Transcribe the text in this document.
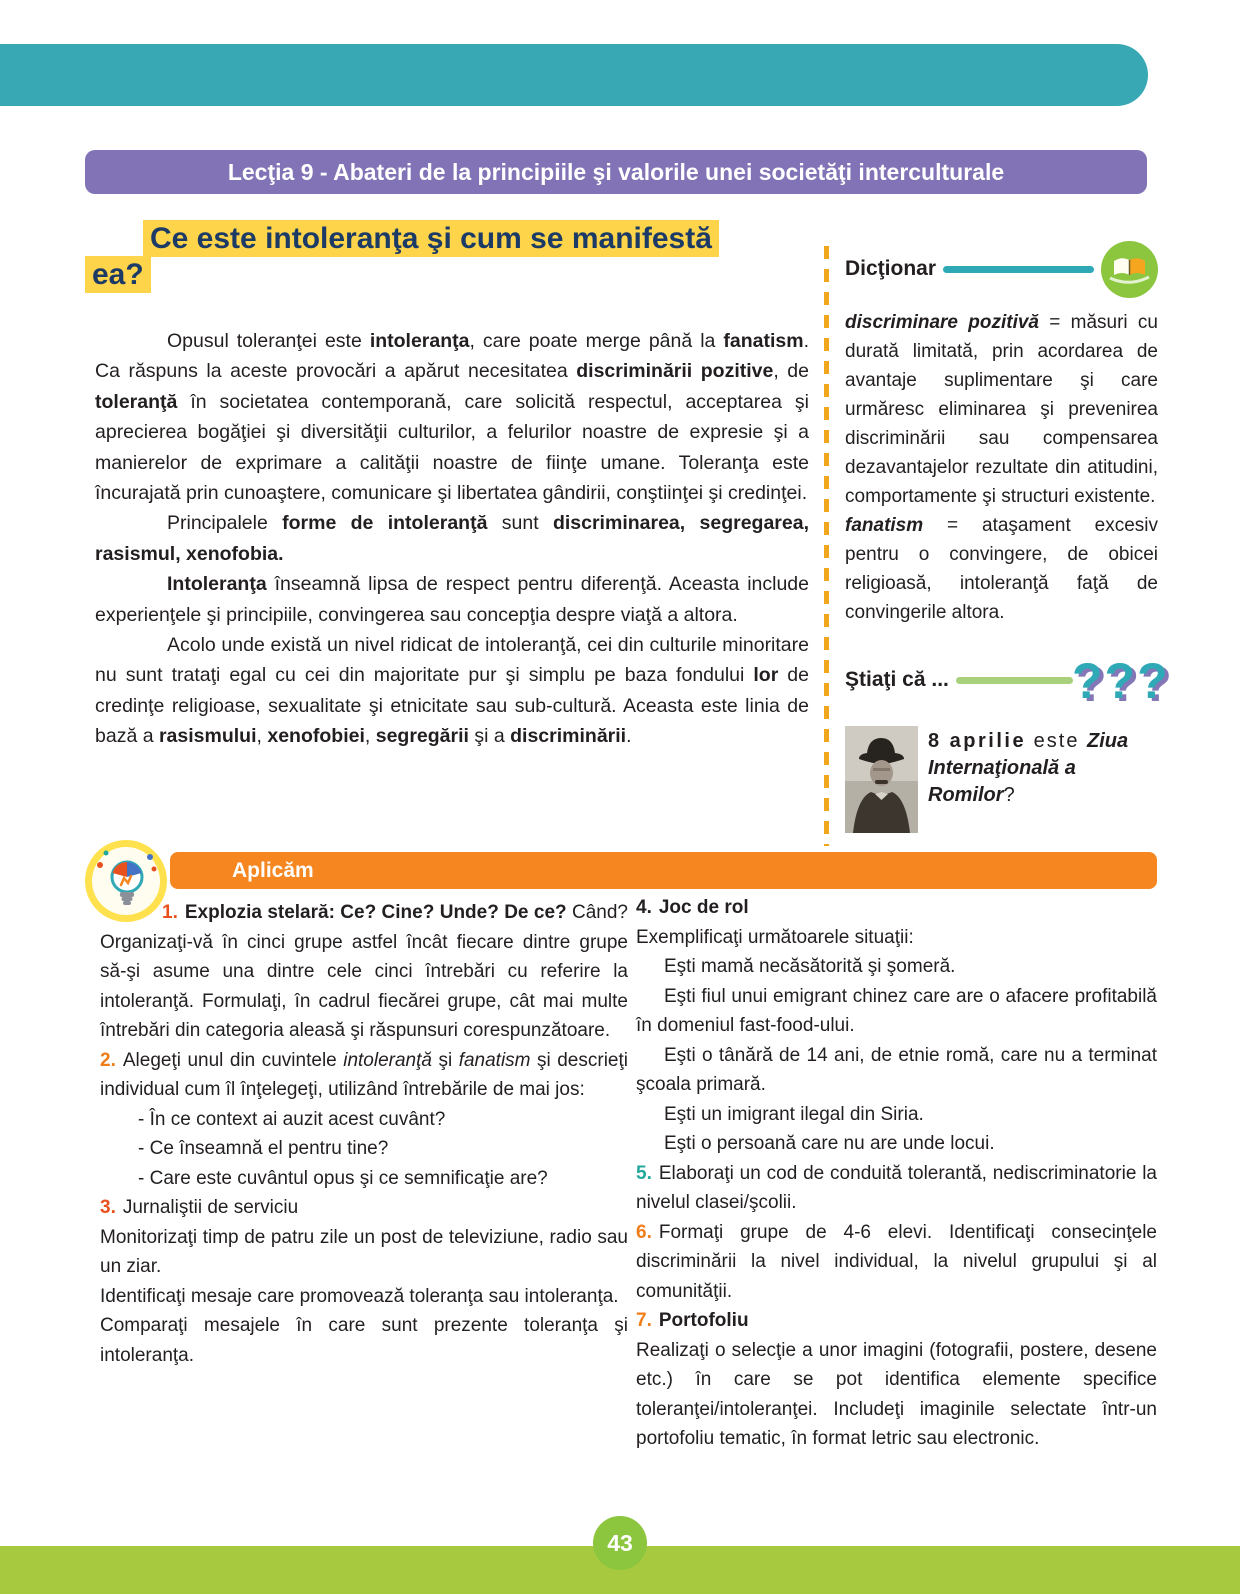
Lecţia 9 - Abateri de la principiile şi valorile unei societăţi interculturale
Ce este intoleranţa şi cum se manifestă
ea?

Opusul toleranţei este intoleranţa, care poate merge până la fanatism. Ca răspuns la aceste provocări a apărut necesitatea discriminării pozitive, de toleranţă în societatea contemporană, care solicită respectul, acceptarea şi aprecierea bogăţiei şi diversităţii culturilor, a felurilor noastre de expresie şi a manierelor de exprimare a calităţii noastre de fiinţe umane. Toleranţa este încurajată prin cunoaştere, comunicare şi libertatea gândirii, conştiinţei şi credinţei.

Principalele forme de intoleranţă sunt discriminarea, segregarea, rasismul, xenofobia.

Intoleranţa înseamnă lipsa de respect pentru diferenţă. Aceasta include experienţele şi principiile, convingerea sau concepţia despre viaţă a altora.

Acolo unde există un nivel ridicat de intoleranţă, cei din culturile minoritare nu sunt trataţi egal cu cei din majoritate pur şi simplu pe baza fondului lor de credinţe religioase, sexualitate şi etnicitate sau sub-cultură. Aceasta este linia de bază a rasismului, xenofobiei, segregării şi a discriminării.

Dicţionar

discriminare pozitivă = măsuri cu durată limitată, prin acordarea de avantaje suplimentare şi care urmăresc eliminarea şi prevenirea discriminării sau compensarea dezavantajelor rezultate din atitudini, comportamente şi structuri existente.

fanatism = ataşament excesiv pentru o convingere, de obicei religioasă, intoleranţă faţă de convingerile altora.

Ştiaţi că ... ???

8 aprilie este Ziua Internaţională a Romilor?

Aplicăm

1. Explozia stelară: Ce? Cine? Unde? De ce? Când? Organizaţi-vă în cinci grupe astfel încât fiecare dintre grupe să-şi asume una dintre cele cinci întrebări cu referire la intoleranţă. Formulaţi, în cadrul fiecărei grupe, cât mai multe întrebări din categoria aleasă şi răspunsuri corespunzătoare.

2. Alegeţi unul din cuvintele intoleranţă şi fanatism şi descrieţi individual cum îl înţelegeţi, utilizând întrebările de mai jos:

- În ce context ai auzit acest cuvânt?

- Ce înseamnă el pentru tine?

- Care este cuvântul opus şi ce semnificaţie are?

3. Jurnaliştii de serviciu

Monitorizaţi timp de patru zile un post de televiziune, radio sau un ziar.

Identificaţi mesaje care promovează toleranţa sau intoleranţa.

Comparaţi mesajele în care sunt prezente toleranţa şi intoleranţa.

4. Joc de rol

Exemplificaţi următoarele situaţii:

Eşti mamă necăsătorită şi şomeră.

Eşti fiul unui emigrant chinez care are o afacere profitabilă în domeniul fast-food-ului.

Eşti o tânără de 14 ani, de etnie romă, care nu a terminat şcoala primară.

Eşti un imigrant ilegal din Siria.

Eşti o persoană care nu are unde locui.

5. Elaboraţi un cod de conduită tolerantă, nediscriminatorie la nivelul clasei/şcolii.

6. Formaţi grupe de 4-6 elevi. Identificaţi consecinţele discriminării la nivel individual, la nivelul grupului şi al comunităţii.

7. Portofoliu

Realizaţi o selecţie a unor imagini (fotografii, postere, desene etc.) în care se pot identifica elemente specifice toleranţei/intoleranţei. Includeţi imaginile selectate într-un portofoliu tematic, în format letric sau electronic.

43
